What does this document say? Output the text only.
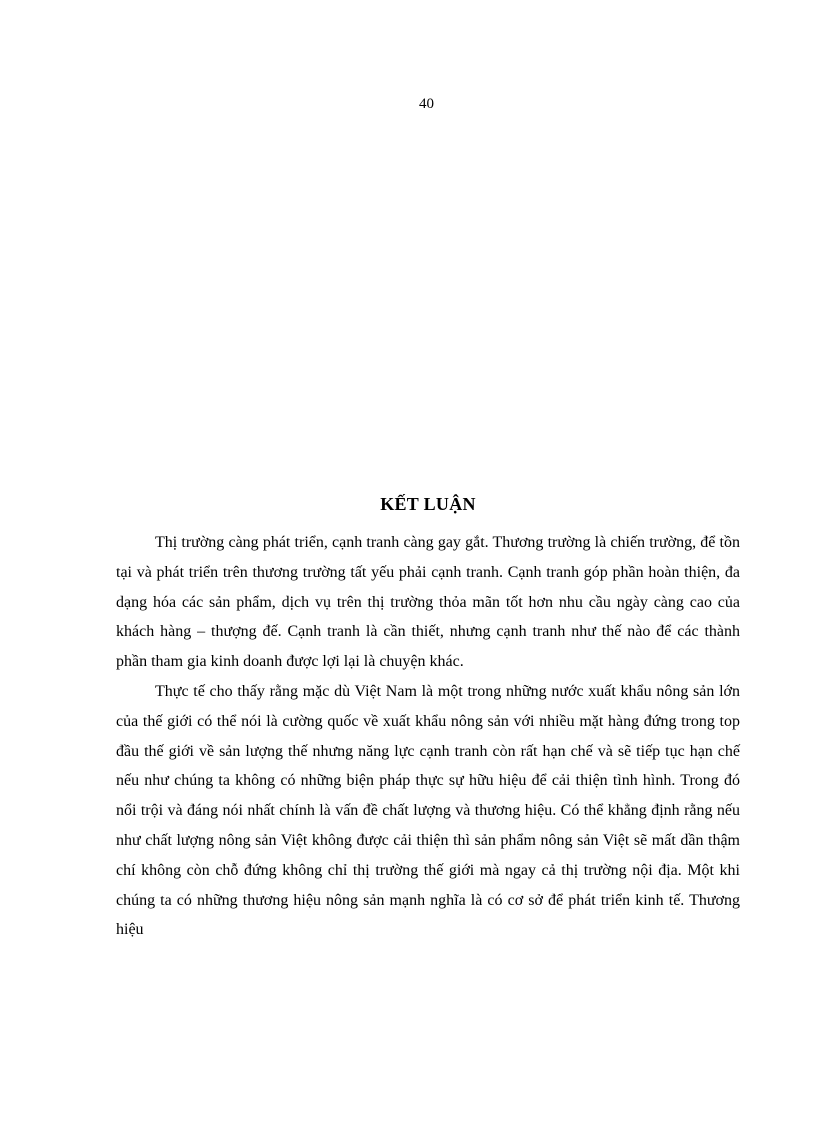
40
KẾT LUẬN

Thị trường càng phát triển, cạnh tranh càng gay gắt. Thương trường là chiến trường, để tồn tại và phát triển trên thương trường tất yếu phải cạnh tranh. Cạnh tranh góp phần hoàn thiện, đa dạng hóa các sản phẩm, dịch vụ trên thị trường thỏa mãn tốt hơn nhu cầu ngày càng cao của khách hàng – thượng đế. Cạnh tranh là cần thiết, nhưng cạnh tranh như thế nào để các thành phần tham gia kinh doanh được lợi lại là chuyện khác.

Thực tế cho thấy rằng mặc dù Việt Nam là một trong những nước xuất khẩu nông sản lớn của thế giới có thể nói là cường quốc về xuất khẩu nông sản với nhiều mặt hàng đứng trong top đầu thế giới về sản lượng thế nhưng năng lực cạnh tranh còn rất hạn chế và sẽ tiếp tục hạn chế nếu như chúng ta không có những biện pháp thực sự hữu hiệu để cải thiện tình hình. Trong đó nổi trội và đáng nói nhất chính là vấn đề chất lượng và thương hiệu. Có thể khẳng định rằng nếu như chất lượng nông sản Việt không được cải thiện thì sản phẩm nông sản Việt sẽ mất dần thậm chí không còn chỗ đứng không chỉ thị trường thế giới mà ngay cả thị trường nội địa. Một khi chúng ta có những thương hiệu nông sản mạnh nghĩa là có cơ sở để phát triển kinh tế. Thương hiệu
